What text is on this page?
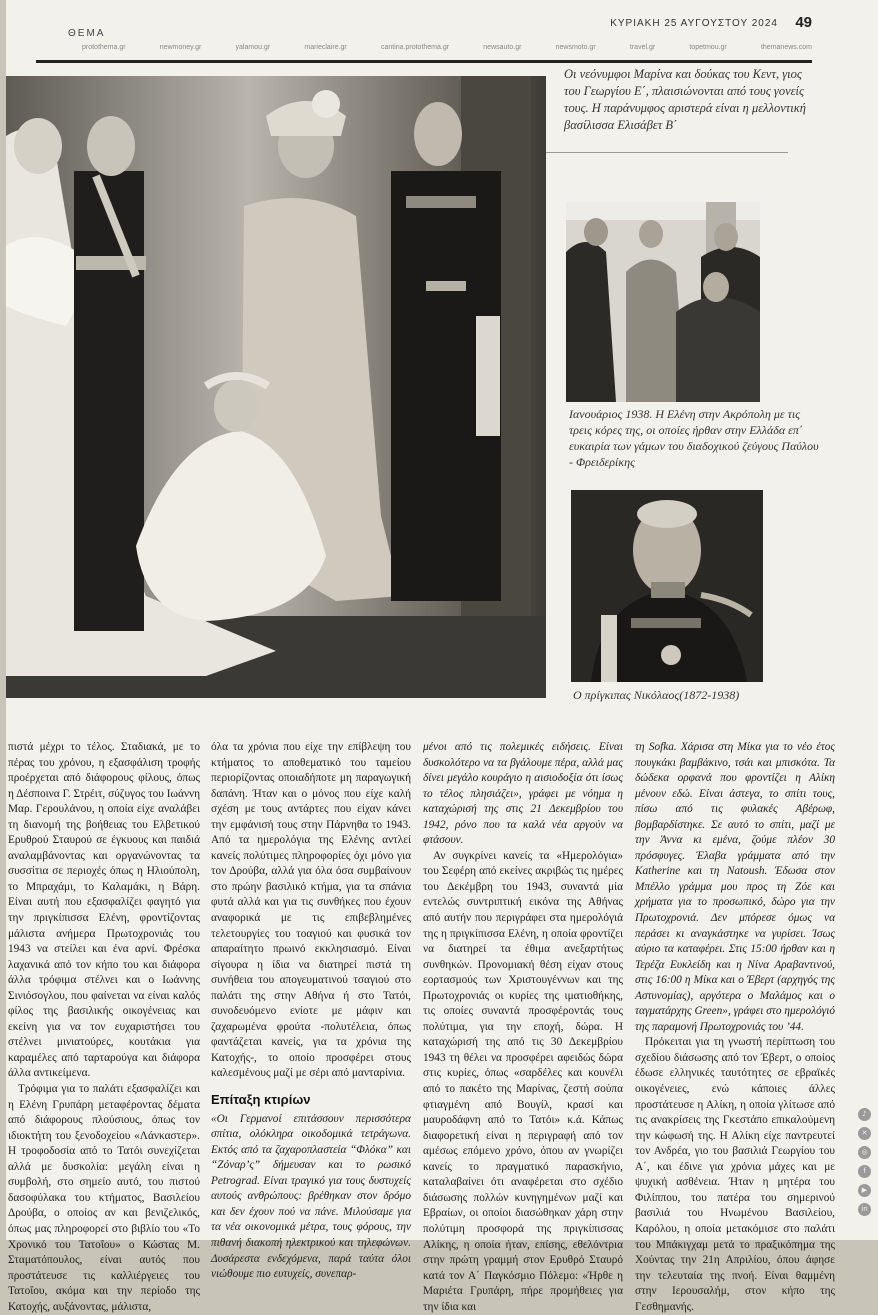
ΘΕΜΑ
ΚΥΡΙΑΚΗ 25 ΑΥΓΟΥΣΤΟΥ 2024 49
protothema.gr	newmoney.gr	yalamou.gr	marieclaire.gr	cantina.protothema.gr	newsauto.gr	newsmoto.gr	travel.gr	topetmou.gr	themanews.com
Οι νεόνυμφοι Μαρίνα και δούκας του Κεντ, γιος του Γεωργίου Ε΄, πλαισιώνονται από τους γονείς τους. Η παράνυμφος αριστερά είναι η μελλοντική βασίλισσα Ελισάβετ Β΄
Ιανουάριος 1938. Η Ελένη στην Ακρόπολη με τις τρεις κόρες της, οι οποίες ήρθαν στην Ελλάδα επ΄ ευκαιρία των γάμων του διαδοχικού ζεύγους Παύλου - Φρειδερίκης
Ο πρίγκιπας Νικόλαος(1872-1938)

πιστά μέχρι το τέλος. Σταδιακά, με το πέρας του χρόνου, η εξασφάλιση τροφής προέρχεται από διάφορους φίλους, όπως η Δέσποινα Γ. Στρέιτ, σύζυγος του Ιωάννη Μαρ. Γερουλάνου, η οποία είχε αναλάβει τη διανομή της βοήθειας του Ελβετικού Ερυθρού Σταυρού σε έγκυους και παιδιά αναλαμβάνοντας και οργανώνοντας τα συσσίτια σε περιοχές όπως η Ηλιούπολη, το Μπραχάμι, το Καλαμάκι, η Βάρη. Είναι αυτή που εξασφαλίζει φαγητό για την πριγκίπισσα Ελένη, φροντίζοντας μάλιστα ανήμερα Πρωτοχρονιάς του 1943 να στείλει και ένα αρνί. Φρέσκα λαχανικά από τον κήπο του και διάφορα άλλα τρόφιμα στέλνει και ο Ιωάννης Σινιόσογλου, που φαίνεται να είναι καλός φίλος της βασιλικής οικογένειας και εκείνη για να τον ευχαριστήσει του στέλνει μινιατούρες, κουτάκια για καραμέλες από ταρταρούγα και διάφορα άλλα αντικείμενα.

Τρόφιμα για το παλάτι εξασφαλίζει και η Ελένη Γρυπάρη μεταφέροντας δέματα από διάφορους πλούσιους, όπως τον ιδιοκτήτη του ξενοδοχείου «Λάνκαστερ». Η τροφοδοσία από το Τατόι συνεχίζεται αλλά με δυσκολία: μεγάλη είναι η συμβολή, στο σημείο αυτό, του πιστού δασοφύλακα του κτήματος, Βασιλείου Δρούβα, ο οποίος αν και βενιζελικός, όπως μας πληροφορεί στο βιβλίο του «Το Χρονικό του Τατοΐου» ο Κώστας Μ. Σταματόπουλος, είναι αυτός που προστάτευσε τις καλλιέργειες του Τατοΐου, ακόμα και την περίοδο της Κατοχής, αυξάνοντας, μάλιστα,

όλα τα χρόνια που είχε την επίβλεψη του κτήματος το αποθεματικό του ταμείου περιορίζοντας οποιαδήποτε μη παραγωγική δαπάνη. Ήταν και ο μόνος που είχε καλή σχέση με τους αντάρτες που είχαν κάνει την εμφάνισή τους στην Πάρνηθα το 1943. Από τα ημερολόγια της Ελένης αντλεί κανείς πολύτιμες πληροφορίες όχι μόνο για τον Δρούβα, αλλά για όλα όσα συμβαίνουν στο πρώην βασιλικό κτήμα, για τα σπάνια φυτά αλλά και για τις συνθήκες που έχουν αναφορικά με τις επιβεβλημένες τελετουργίες του τοαγιού και φυσικά τον απαραίτητο πρωινό εκκλησιασμό. Είναι σίγουρα η ίδια να διατηρεί πιστά τη συνήθεια του απογευματινού τσαγιού στο παλάτι της στην Αθήνα ή στο Τατόι, συνοδευόμενο ενίοτε με μάφιν και ζαχαρωμένα φρούτα -πολυτέλεια, όπως φαντάζεται κανείς, για τα χρόνια της Κατοχής-, το οποίο προσφέρει στους καλεσμένους μαζί με σέρι από μανταρίνια.

Επίταξη κτιρίων

«Οι Γερμανοί επιτάσσουν περισσότερα σπίτια, ολόκληρα οικοδομικά τετράγωνα. Εκτός από τα ζαχαροπλαστεία “Φλόκα” και “Ζόναρ’ς” δήμευσαν και το ρωσικό Petrograd. Είναι τραγικό για τους δυστυχείς αυτούς ανθρώπους: βρέθηκαν στον δρόμο και δεν έχουν πού να πάνε. Μιλούσαμε για τα νέα οικονομικά μέτρα, τους φόρους, την πιθανή διακοπή ηλεκτρικού και τηλεφώνων. Δυσάρεστα ενδεχόμενα, παρά ταύτα όλοι νιώθουμε πιο ευτυχείς, συνεπαρ-

μένοι από τις πολεμικές ειδήσεις. Είναι δυσκολότερο να τα βγάλουμε πέρα, αλλά μας δίνει μεγάλο κουράγιο η αισιοδοξία ότι ίσως το τέλος πλησιάζει», γράφει με νόημα η καταχώρισή της στις 21 Δεκεμβρίου του 1942, ρόνο που τα καλά νέα αργούν να φτάσουν.

Αν συγκρίνει κανείς τα «Ημερολόγια» του Σεφέρη από εκείνες ακριβώς τις ημέρες του Δεκέμβρη του 1943, συναντά μία εντελώς συντριπτική εικόνα της Αθήνας από αυτήν που περιγράφει στα ημερολόγιά της η πριγκίπισσα Ελένη, η οποία φροντίζει να διατηρεί τα έθιμα ανεξαρτήτως συνθηκών. Προνομιακή θέση είχαν στους εορτασμούς των Χριστουγέννων και της Πρωτοχρονιάς οι κυρίες της ιματιοθήκης, τις οποίες συναντά προσφέροντάς τους πολύτιμα, για την εποχή, δώρα. Η καταχώρισή της από τις 30 Δεκεμβρίου 1943 τη θέλει να προσφέρει αφειδώς δώρα στις κυρίες, όπως «σαρδέλες και κουνέλι από το πακέτο της Μαρίνας, ζεστή σούπα φτιαγμένη από Βουγίλ, κρασί και μαυροδάφνη από το Τατόι» κ.ά. Κάπως διαφορετική είναι η περιγραφή από τον αμέσως επόμενο χρόνο, όπου αν γνωρίζει κανείς το πραγματικό παρασκήνιο, καταλαβαίνει ότι αναφέρεται στο σχέδιο διάσωσης πολλών κυνηγημένων μαζί και Εβραίων, οι οποίοι διασώθηκαν χάρη στην πολύτιμη προσφορά της πριγκίπισσας Αλίκης, η οποία ήταν, επίσης, εθελόντρια στην πρώτη γραμμή στον Ερυθρό Σταυρό κατά τον Α΄ Παγκόσμιο Πόλεμο: «Ήρθε η Μαριέτα Γρυπάρη, πήρε προμήθειες για την ίδια και

τη Sofka. Χάρισα στη Μίκα για το νέο έτος πουγκάκι βαμβάκινο, τσάι και μπισκότα. Τα δώδεκα ορφανά που φροντίζει η Αλίκη μένουν εδώ. Είναι άστεγα, το σπίτι τους, πίσω από τις φυλακές Αβέρωφ, βομβαρδίστηκε. Σε αυτό το σπίτι, μαζί με την Άννα κι εμένα, ζούμε πλέον 30 πρόσφυγες. Έλαβα γράμματα από την Katherine και τη Natoush. Έδωσα στον Μπέλλο γράμμα μου προς τη Ζόε και χρήματα για το προσωπικό, δώρο για την Πρωτοχρονιά. Δεν μπόρεσε όμως να περάσει κι αναγκάστηκε να γυρίσει. Ίσως αύριο τα καταφέρει. Στις 15:00 ήρθαν και η Τερέζα Ευκλείδη και η Νίνα Αραβαντινού, στις 16:00 η Μίκα και ο Έβερτ (αρχηγός της Αστυνομίας), αργότερα ο Μαλάμος και ο ταγματάρχης Green», γράφει στο ημερολόγιό της παραμονή Πρωτοχρονιάς του ’44.

Πρόκειται για τη γνωστή περίπτωση του σχεδίου διάσωσης από τον Έβερτ, ο οποίος έδωσε ελληνικές ταυτότητες σε εβραϊκές οικογένειες, ενώ κάποιες άλλες προστάτευσε η Αλίκη, η οποία γλίτωσε από τις ανακρίσεις της Γκεστάπο επικαλούμενη την κώφωσή της. Η Αλίκη είχε παντρευτεί τον Ανδρέα, γιο του βασιλιά Γεωργίου του Α΄, και έδινε για χρόνια μάχες και με ψυχική ασθένεια. Ήταν η μητέρα του Φιλίππου, του πατέρα του σημερινού βασιλιά του Ηνωμένου Βασιλείου, Καρόλου, η οποία μετακόμισε στο παλάτι του Μπάκιγχαμ μετά το πραξικόπημα της Χούντας την 21η Απριλίου, όπου άφησε την τελευταία της πνοή. Είναι θαμμένη στην Ιερουσαλήμ, στον κήπο της Γεσθημανής.

♪
✕
◎
f
▶
in
